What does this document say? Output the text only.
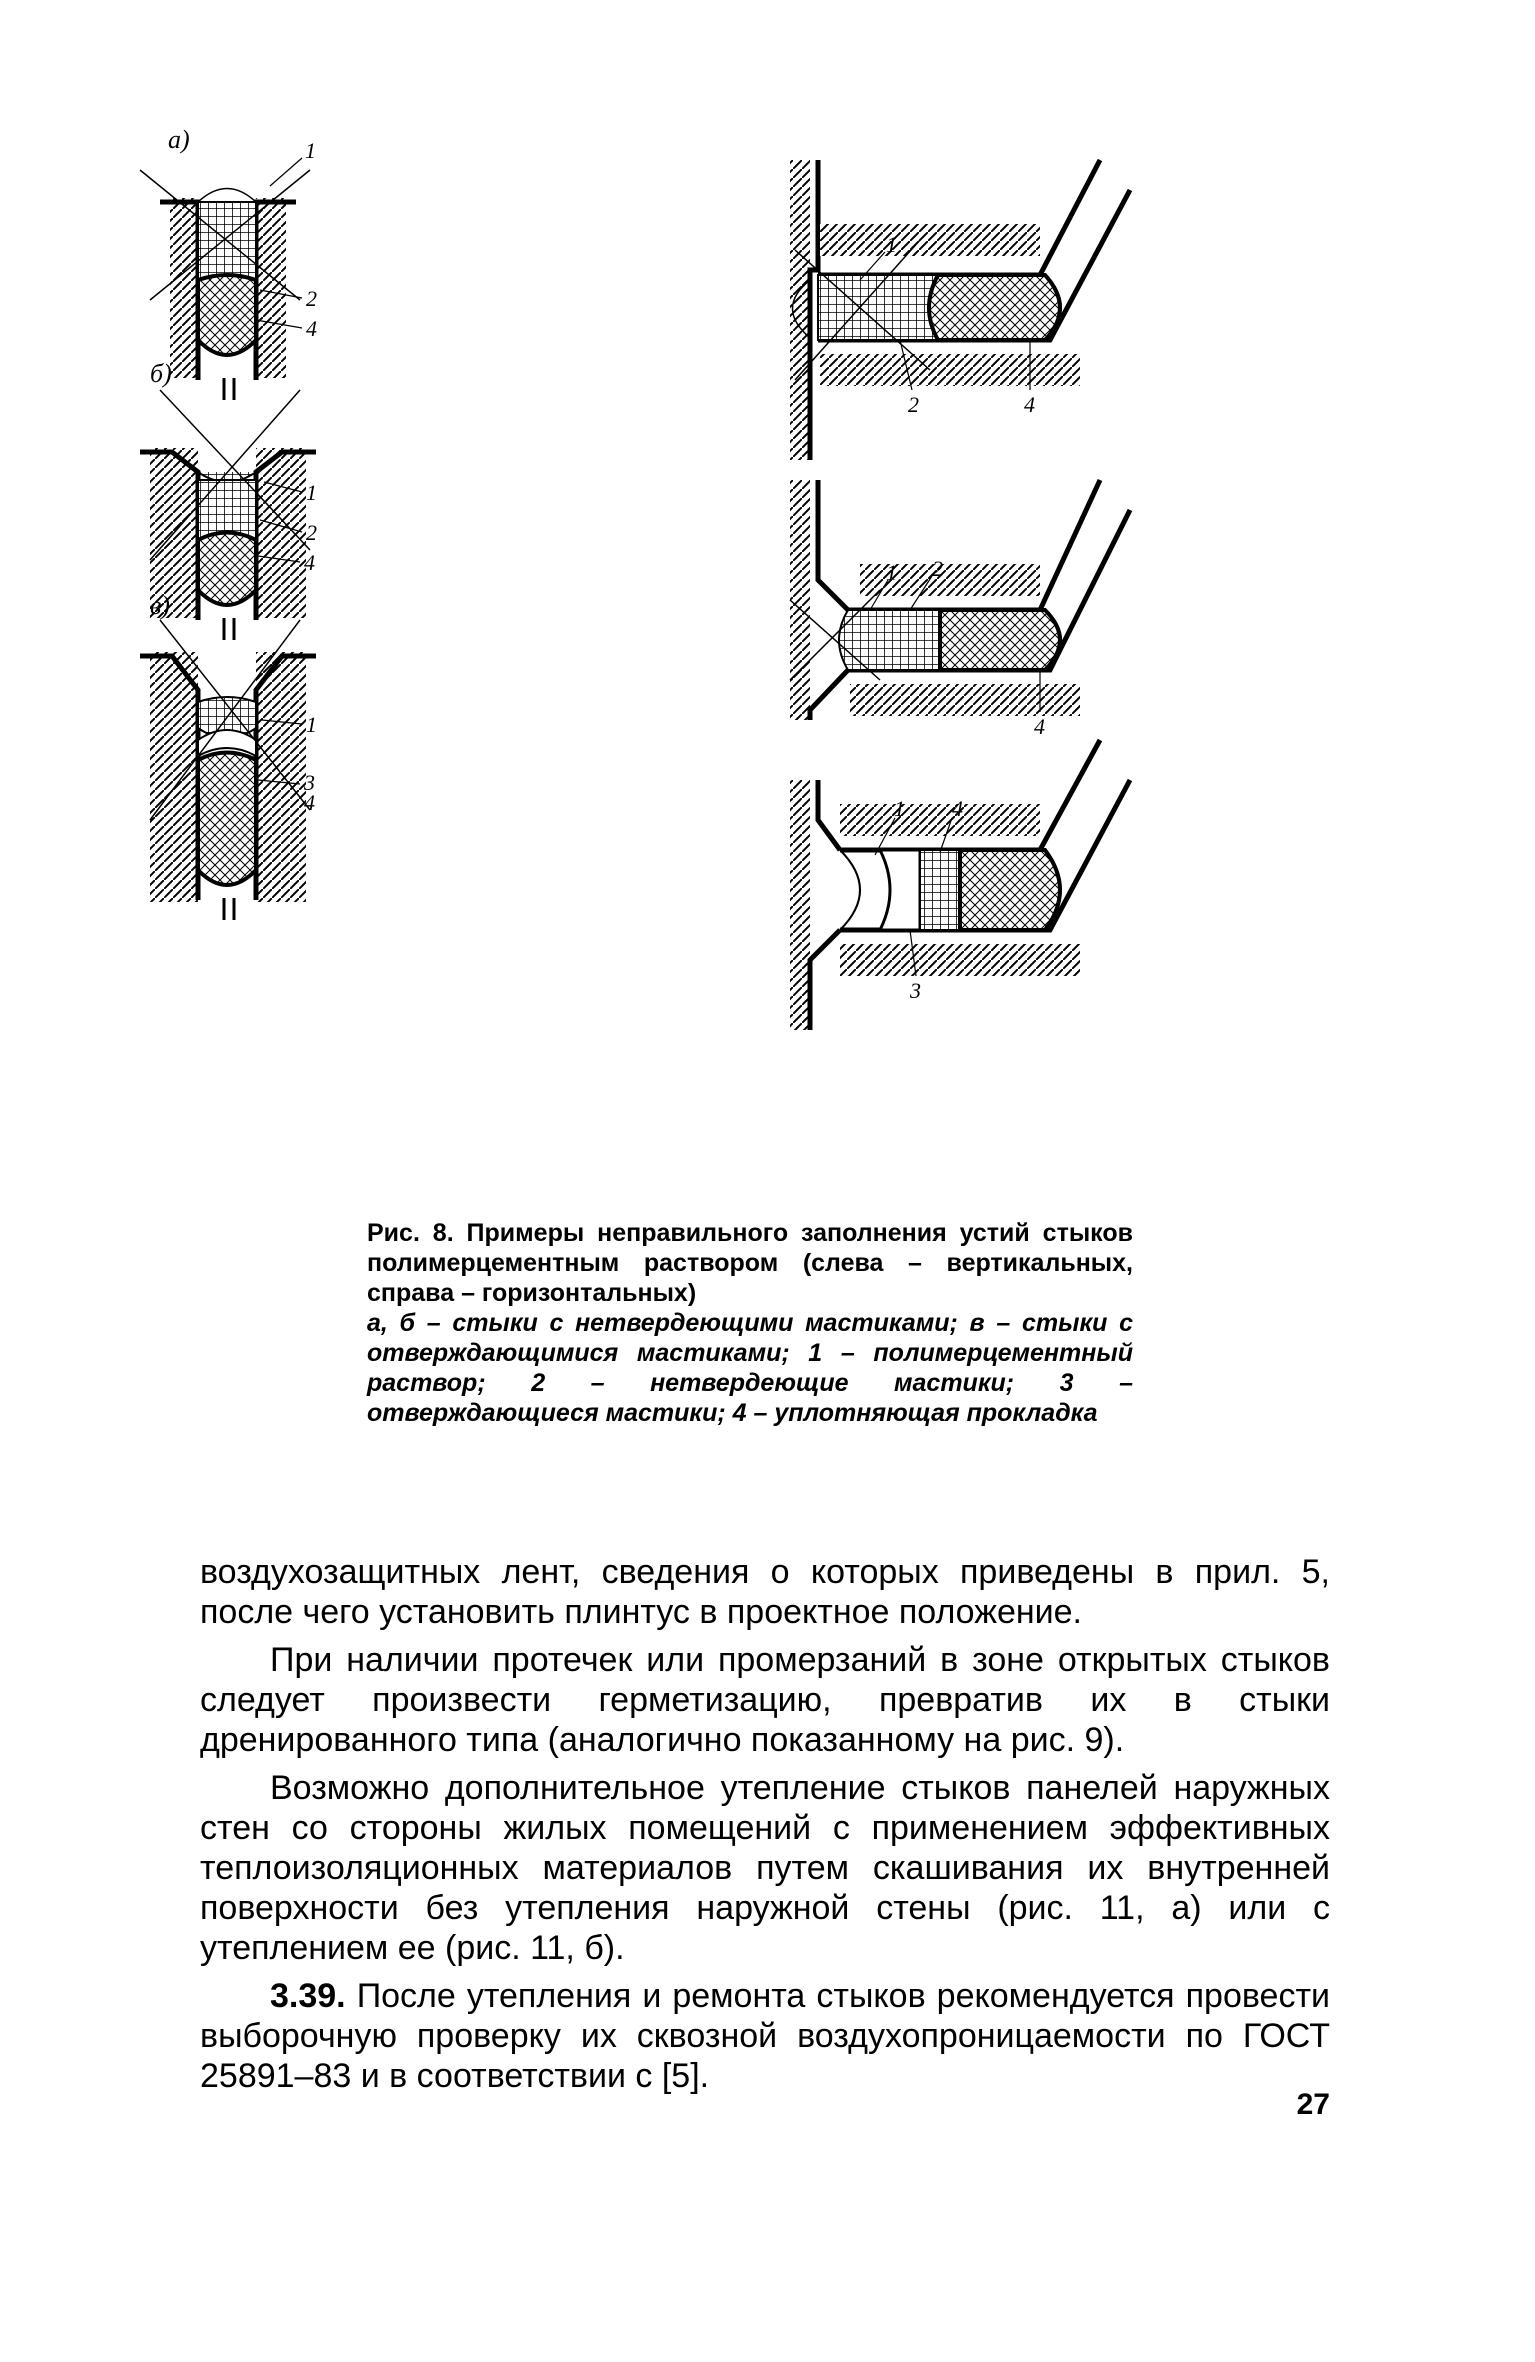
а)	1
2
4
б)
1
2
4
в)
1
3
4
1
2	4
1 2
4
1 4
3
Рис. 8. Примеры неправильного заполнения устий стыков полимерцементным раствором (слева – вертикальных, справа – горизонтальных)
а, б – стыки с нетвердеющими мастиками; в – стыки с отверждающимися мастиками; 1 – полимерцементный раствор; 2 – нетвердеющие мастики; 3 – отверждающиеся мастики; 4 – уплотняющая прокладка

воздухозащитных лент, сведения о которых приведены в прил. 5, после чего установить плинтус в проектное положение.

При наличии протечек или промерзаний в зоне открытых стыков следует произвести герметизацию, превратив их в стыки дренированного типа (аналогично показанному на рис. 9).

Возможно дополнительное утепление стыков панелей наружных стен со стороны жилых помещений с применением эффективных теплоизоляционных материалов путем скашивания их внутренней поверхности без утепления наружной стены (рис. 11, а) или с утеплением ее (рис. 11, б).

3.39. После утепления и ремонта стыков рекомендуется провести выборочную проверку их сквозной воздухопроницаемости по ГОСТ 25891–83 и в соответствии с [5].

27
